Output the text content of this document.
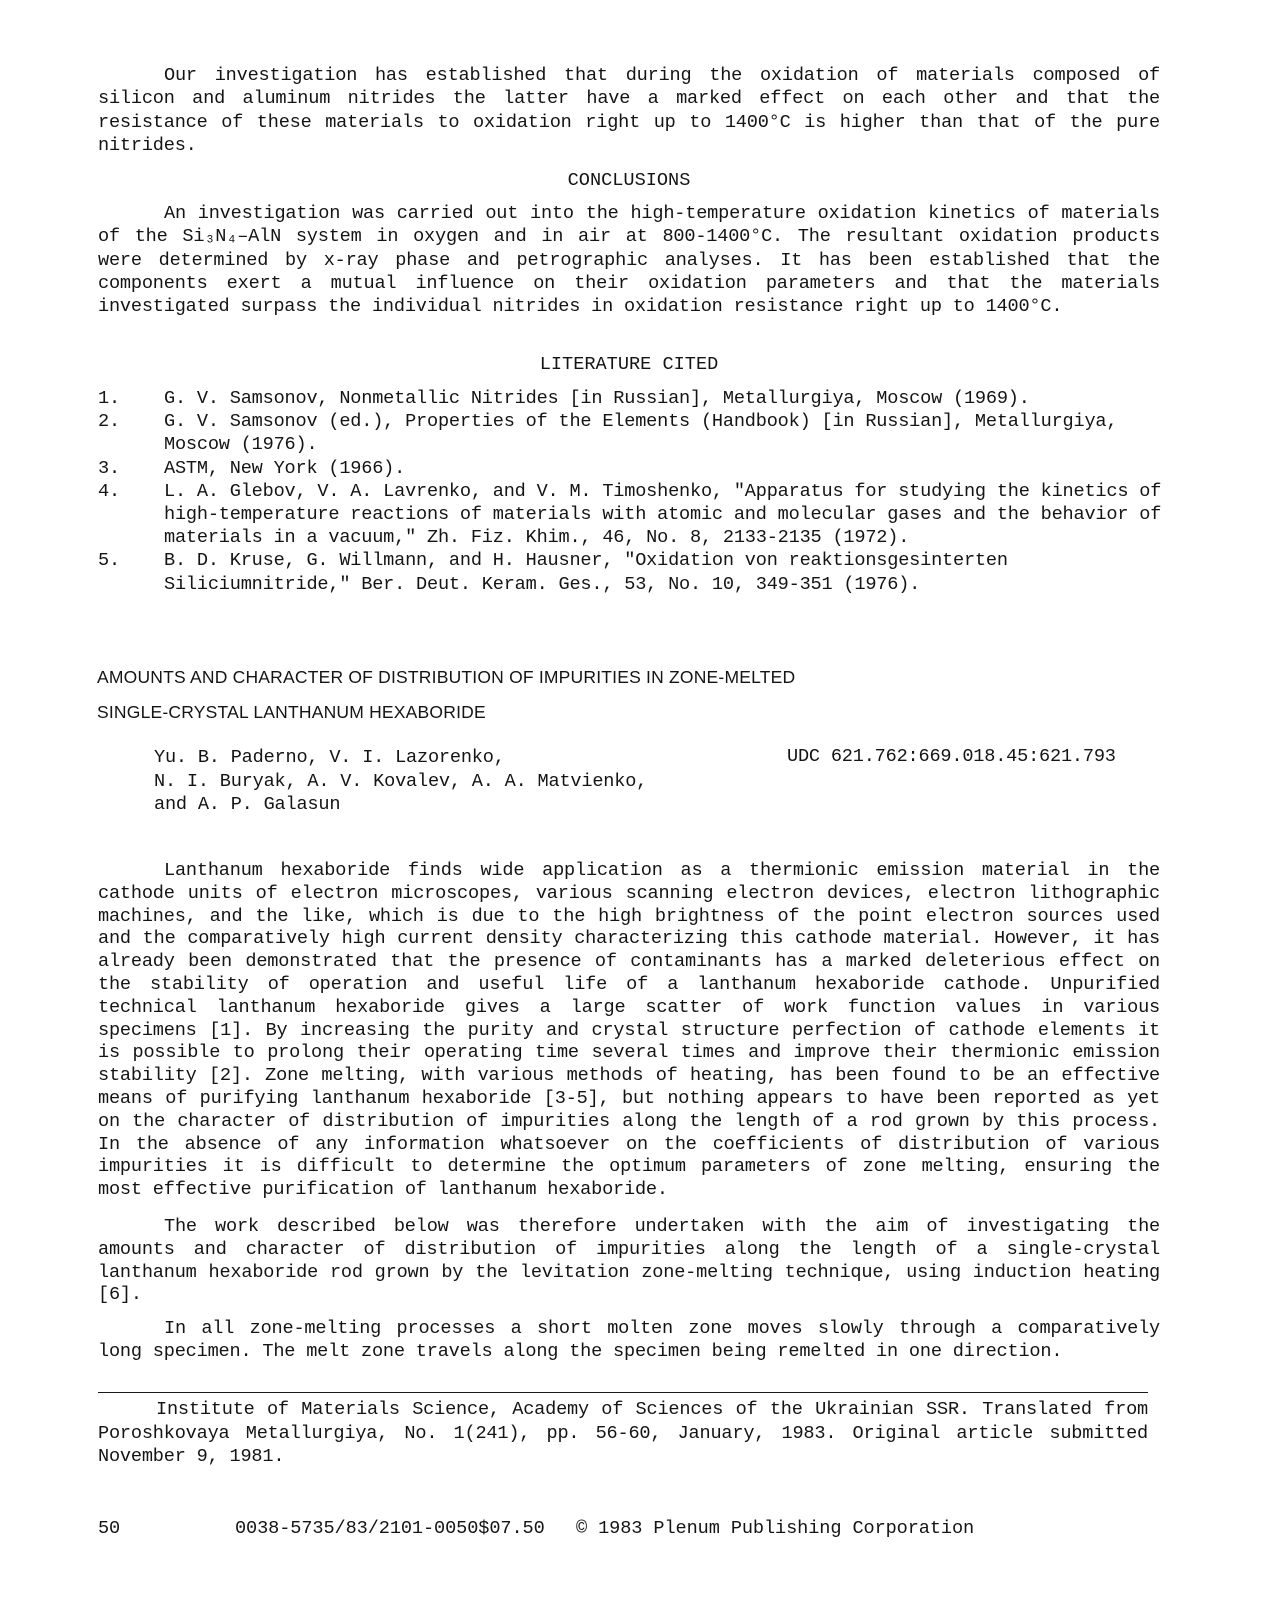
Our investigation has established that during the oxidation of materials composed of silicon and aluminum nitrides the latter have a marked effect on each other and that the resistance of these materials to oxidation right up to 1400°C is higher than that of the pure nitrides.

CONCLUSIONS

An investigation was carried out into the high-temperature oxidation kinetics of materials of the Si₃N₄–AlN system in oxygen and in air at 800-1400°C. The resultant oxidation products were determined by x-ray phase and petrographic analyses. It has been established that the components exert a mutual influence on their oxidation parameters and that the materials investigated surpass the individual nitrides in oxidation resistance right up to 1400°C.

LITERATURE CITED

1.	G. V. Samsonov, Nonmetallic Nitrides [in Russian], Metallurgiya, Moscow (1969).
2.	G. V. Samsonov (ed.), Properties of the Elements (Handbook) [in Russian], Metallurgiya, Moscow (1976).
3.	ASTM, New York (1966).
4.	L. A. Glebov, V. A. Lavrenko, and V. M. Timoshenko, "Apparatus for studying the kinetics of high-temperature reactions of materials with atomic and molecular gases and the behavior of materials in a vacuum," Zh. Fiz. Khim., 46, No. 8, 2133-2135 (1972).
5.	B. D. Kruse, G. Willmann, and H. Hausner, "Oxidation von reaktionsgesinterten Siliciumnitride," Ber. Deut. Keram. Ges., 53, No. 10, 349-351 (1976).

AMOUNTS AND CHARACTER OF DISTRIBUTION OF IMPURITIES IN ZONE-MELTED

SINGLE-CRYSTAL LANTHANUM HEXABORIDE

Yu. B. Paderno, V. I. Lazorenko,
N. I. Buryak, A. V. Kovalev, A. A. Matvienko,
and A. P. Galasun

UDC 621.762:669.018.45:621.793

Lanthanum hexaboride finds wide application as a thermionic emission material in the cathode units of electron microscopes, various scanning electron devices, electron lithographic machines, and the like, which is due to the high brightness of the point electron sources used and the comparatively high current density characterizing this cathode material. However, it has already been demonstrated that the presence of contaminants has a marked deleterious effect on the stability of operation and useful life of a lanthanum hexaboride cathode. Unpurified technical lanthanum hexaboride gives a large scatter of work function values in various specimens [1]. By increasing the purity and crystal structure perfection of cathode elements it is possible to prolong their operating time several times and improve their thermionic emission stability [2]. Zone melting, with various methods of heating, has been found to be an effective means of purifying lanthanum hexaboride [3-5], but nothing appears to have been reported as yet on the character of distribution of impurities along the length of a rod grown by this process. In the absence of any information whatsoever on the coefficients of distribution of various impurities it is difficult to determine the optimum parameters of zone melting, ensuring the most effective purification of lanthanum hexaboride.

The work described below was therefore undertaken with the aim of investigating the amounts and character of distribution of impurities along the length of a single-crystal lanthanum hexaboride rod grown by the levitation zone-melting technique, using induction heating [6].

In all zone-melting processes a short molten zone moves slowly through a comparatively long specimen. The melt zone travels along the specimen being remelted in one direction.

Institute of Materials Science, Academy of Sciences of the Ukrainian SSR. Translated from Poroshkovaya Metallurgiya, No. 1(241), pp. 56-60, January, 1983. Original article submitted November 9, 1981.

50	0038-5735/83/2101-0050$07.50 © 1983 Plenum Publishing Corporation
